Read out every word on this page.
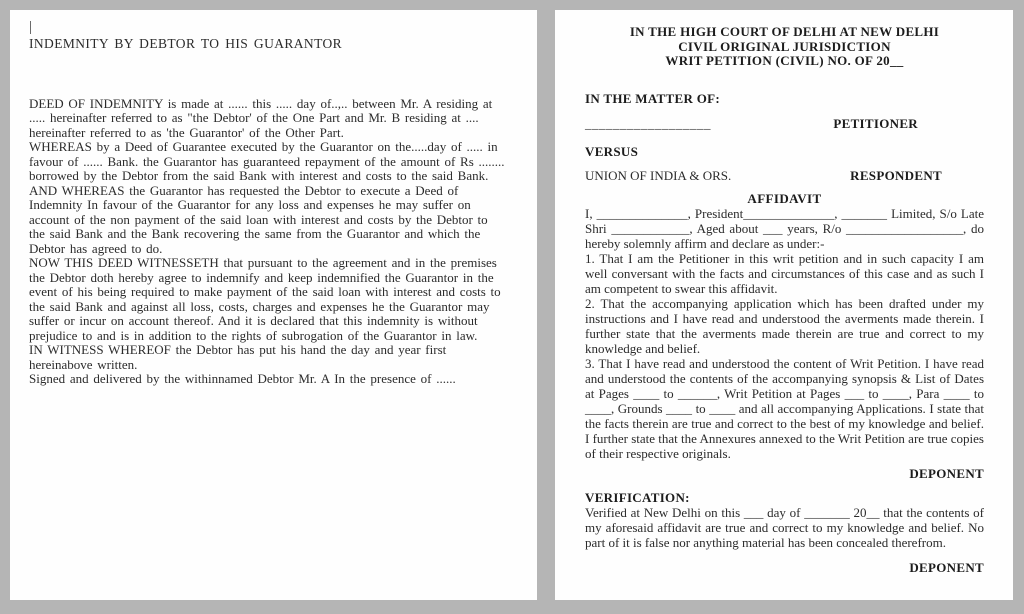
|
INDEMNITY BY DEBTOR TO HIS GUARANTOR

DEED OF INDEMNITY is made at ...... this ..... day of..,.. between Mr. A residing at ..... hereinafter referred to as "the Debtor' of the One Part and Mr. B residing at .... hereinafter referred to as 'the Guarantor' of the Other Part.

WHEREAS by a Deed of Guarantee executed by the Guarantor on the.....day of ..... in favour of ...... Bank. the Guarantor has guaranteed repayment of the amount of Rs ........ borrowed by the Debtor from the said Bank with interest and costs to the said Bank.

AND WHEREAS the Guarantor has requested the Debtor to execute a Deed of Indemnity In favour of the Guarantor for any loss and expenses he may suffer on account of the non payment of the said loan with interest and costs by the Debtor to the said Bank and the Bank recovering the same from the Guarantor and which the Debtor has agreed to do.

NOW THIS DEED WITNESSETH that pursuant to the agreement and in the premises the Debtor doth hereby agree to indemnify and keep indemnified the Guarantor in the event of his being required to make payment of the said loan with interest and costs to the said Bank and against all loss, costs, charges and expenses he the Guarantor may suffer or incur on account thereof. And it is declared that this indemnity is without prejudice to and is in addition to the rights of subrogation of the Guarantor in law.

IN WITNESS WHEREOF the Debtor has put his hand the day and year first hereinabove written.

Signed and delivered by the withinnamed Debtor Mr. A In the presence of ......

IN THE HIGH COURT OF DELHI AT NEW DELHI
CIVIL ORIGINAL JURISDICTION
WRIT PETITION (CIVIL) NO. OF 20__
IN THE MATTER OF:
__________________	PETITIONER
VERSUS
UNION OF INDIA & ORS.	RESPONDENT
AFFIDAVIT

I, ______________, President______________, _______ Limited, S/o Late Shri ____________, Aged about ___ years, R/o __________________, do hereby solemnly affirm and declare as under:-

1. That I am the Petitioner in this writ petition and in such capacity I am well conversant with the facts and circumstances of this case and as such I am competent to swear this affidavit.

2. That the accompanying application which has been drafted under my instructions and I have read and understood the averments made therein. I further state that the averments made therein are true and correct to my knowledge and belief.

3. That I have read and understood the content of Writ Petition. I have read and understood the contents of the accompanying synopsis & List of Dates at Pages ____ to ______, Writ Petition at Pages ___ to ____, Para ____ to ____, Grounds ____ to ____ and all accompanying Applications. I state that the facts therein are true and correct to the best of my knowledge and belief. I further state that the Annexures annexed to the Writ Petition are true copies of their respective originals.

DEPONENT
VERIFICATION:

Verified at New Delhi on this ___ day of _______ 20__ that the contents of my aforesaid affidavit are true and correct to my knowledge and belief. No part of it is false nor anything material has been concealed therefrom.

DEPONENT
